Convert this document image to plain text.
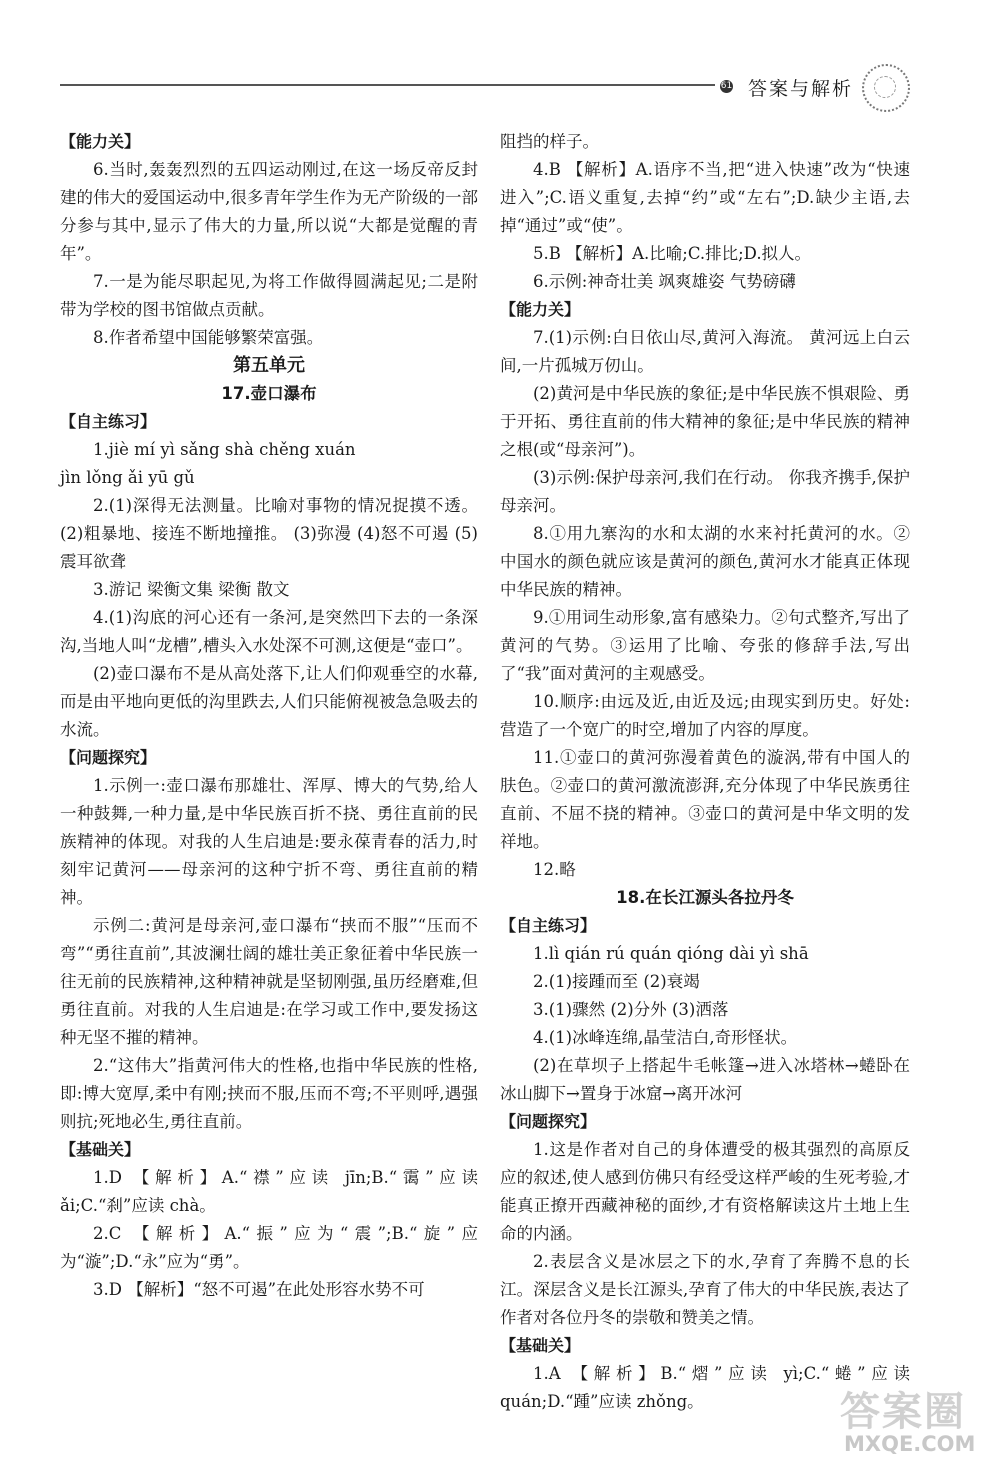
61 答案与解析

【能力关】

6.当时,轰轰烈烈的五四运动刚过,在这一场反帝反封建的伟大的爱国运动中,很多青年学生作为无产阶级的一部分参与其中,显示了伟大的力量,所以说“大都是觉醒的青年”。

7.一是为能尽职起见,为将工作做得圆满起见;二是附带为学校的图书馆做点贡献。

8.作者希望中国能够繁荣富强。

第五单元

17.壶口瀑布

【自主练习】

1.jiè mí yì sǎng shà chěng xuán

jìn lǒng ǎi yū gǔ

2.(1)深得无法测量。比喻对事物的情况捉摸不透。 (2)粗暴地、接连不断地撞推。 (3)弥漫 (4)怒不可遏 (5)震耳欲聋

3.游记 梁衡文集 梁衡 散文

4.(1)沟底的河心还有一条河,是突然凹下去的一条深沟,当地人叫“龙槽”,槽头入水处深不可测,这便是“壶口”。

(2)壶口瀑布不是从高处落下,让人们仰观垂空的水幕,而是由平地向更低的沟里跌去,人们只能俯视被急急吸去的水流。

【问题探究】

1.示例一:壶口瀑布那雄壮、浑厚、博大的气势,给人一种鼓舞,一种力量,是中华民族百折不挠、勇往直前的民族精神的体现。对我的人生启迪是:要永葆青春的活力,时刻牢记黄河——母亲河的这种宁折不弯、勇往直前的精神。

示例二:黄河是母亲河,壶口瀑布“挟而不服”“压而不弯”“勇往直前”,其波澜壮阔的雄壮美正象征着中华民族一往无前的民族精神,这种精神就是坚韧刚强,虽历经磨难,但勇往直前。对我的人生启迪是:在学习或工作中,要发扬这种无坚不摧的精神。

2.“这伟大”指黄河伟大的性格,也指中华民族的性格,即:博大宽厚,柔中有刚;挟而不服,压而不弯;不平则呼,遇强则抗;死地必生,勇往直前。

【基础关】

1.D 【解析】A.“襟”应读 jīn;B.“霭”应读 ǎi;C.“刹”应读 chà。

2.C 【解析】A.“振”应为“震”;B.“旋”应为“漩”;D.“永”应为“勇”。

3.D 【解析】“怒不可遏”在此处形容水势不可

阻挡的样子。

4.B 【解析】A.语序不当,把“进入快速”改为“快速进入”;C.语义重复,去掉“约”或“左右”;D.缺少主语,去掉“通过”或“使”。

5.B 【解析】A.比喻;C.排比;D.拟人。

6.示例:神奇壮美 飒爽雄姿 气势磅礴

【能力关】

7.(1)示例:白日依山尽,黄河入海流。 黄河远上白云间,一片孤城万仞山。

(2)黄河是中华民族的象征;是中华民族不惧艰险、勇于开拓、勇往直前的伟大精神的象征;是中华民族的精神之根(或“母亲河”)。

(3)示例:保护母亲河,我们在行动。 你我齐携手,保护母亲河。

8.①用九寨沟的水和太湖的水来衬托黄河的水。②中国水的颜色就应该是黄河的颜色,黄河水才能真正体现中华民族的精神。

9.①用词生动形象,富有感染力。②句式整齐,写出了黄河的气势。③运用了比喻、夸张的修辞手法,写出了“我”面对黄河的主观感受。

10.顺序:由远及近,由近及远;由现实到历史。好处:营造了一个宽广的时空,增加了内容的厚度。

11.①壶口的黄河弥漫着黄色的漩涡,带有中国人的肤色。②壶口的黄河激流澎湃,充分体现了中华民族勇往直前、不屈不挠的精神。③壶口的黄河是中华文明的发祥地。

12.略

18.在长江源头各拉丹冬

【自主练习】

1.lì qián rú quán qióng dài yì shā

2.(1)接踵而至 (2)衰竭

3.(1)骤然 (2)分外 (3)洒落

4.(1)冰峰连绵,晶莹洁白,奇形怪状。

(2)在草坝子上搭起牛毛帐篷→进入冰塔林→蜷卧在冰山脚下→置身于冰窟→离开冰河

【问题探究】

1.这是作者对自己的身体遭受的极其强烈的高原反应的叙述,使人感到仿佛只有经受这样严峻的生死考验,才能真正撩开西藏神秘的面纱,才有资格解读这片土地上生命的内涵。

2.表层含义是冰层之下的水,孕育了奔腾不息的长江。深层含义是长江源头,孕育了伟大的中华民族,表达了作者对各位丹冬的崇敬和赞美之情。

【基础关】

1.A 【解析】B.“熠”应读 yì;C.“蜷”应读 quán;D.“踵”应读 zhǒng。	答案圈
MXQE.COM
